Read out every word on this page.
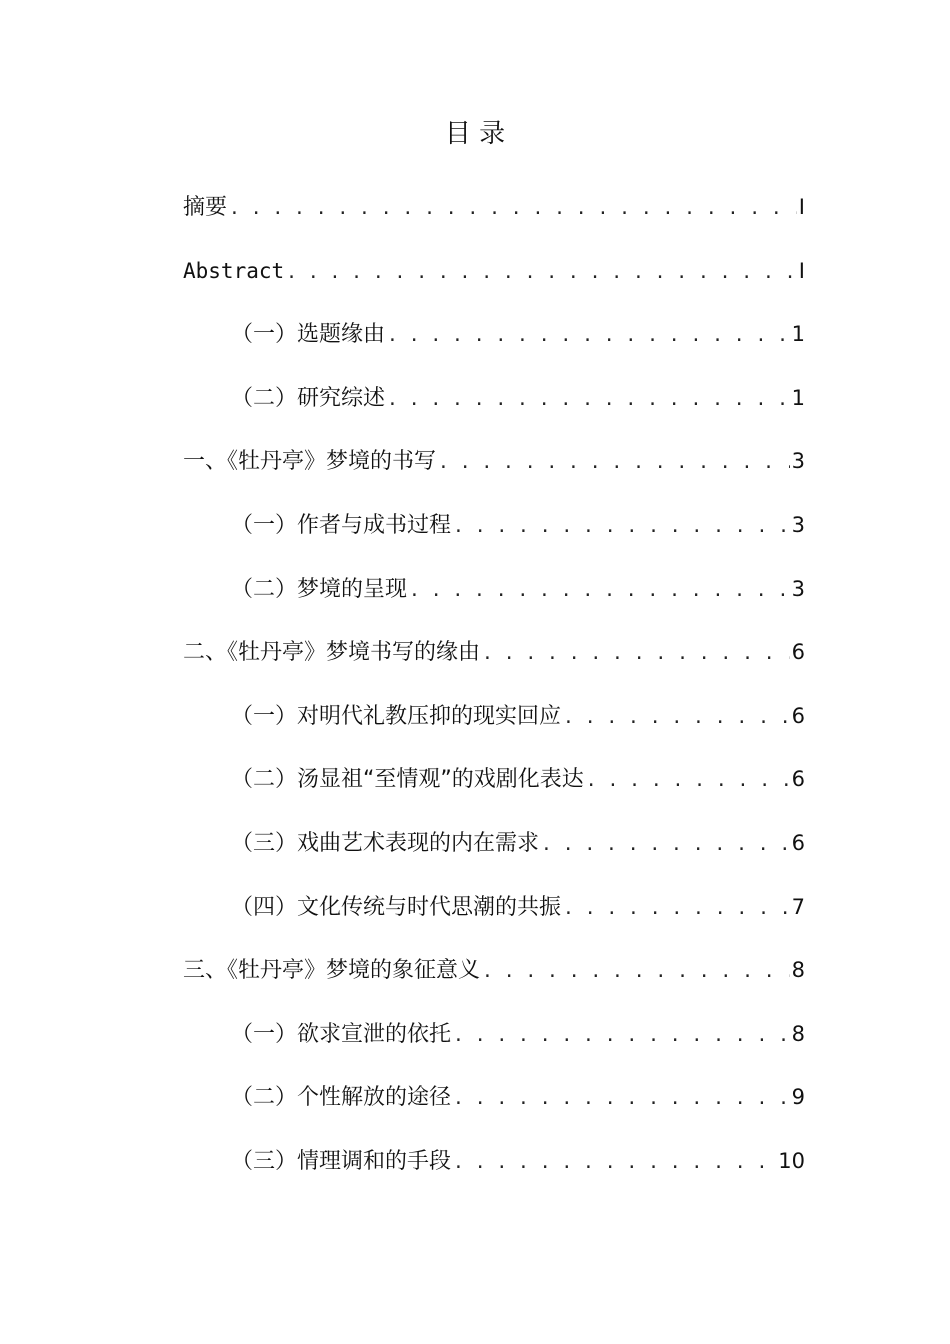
目 录
摘要 . . .	I
Abstract . . .	I
（一）选题缘由 . . .	1
（二）研究综述 . . .	1
一、《牡丹亭》梦境的书写 . . .	3
（一）作者与成书过程 . . .	3
（二）梦境的呈现 . . .	3
二、《牡丹亭》梦境书写的缘由 . . .	6
（一）对明代礼教压抑的现实回应 . . .	6
（二）汤显祖“至情观”的戏剧化表达 . . .	6
（三）戏曲艺术表现的内在需求 . . .	6
（四）文化传统与时代思潮的共振 . . .	7
三、《牡丹亭》梦境的象征意义 . . .	8
（一）欲求宣泄的依托 . . .	8
（二）个性解放的途径 . . .	9
（三）情理调和的手段 . . .	10
